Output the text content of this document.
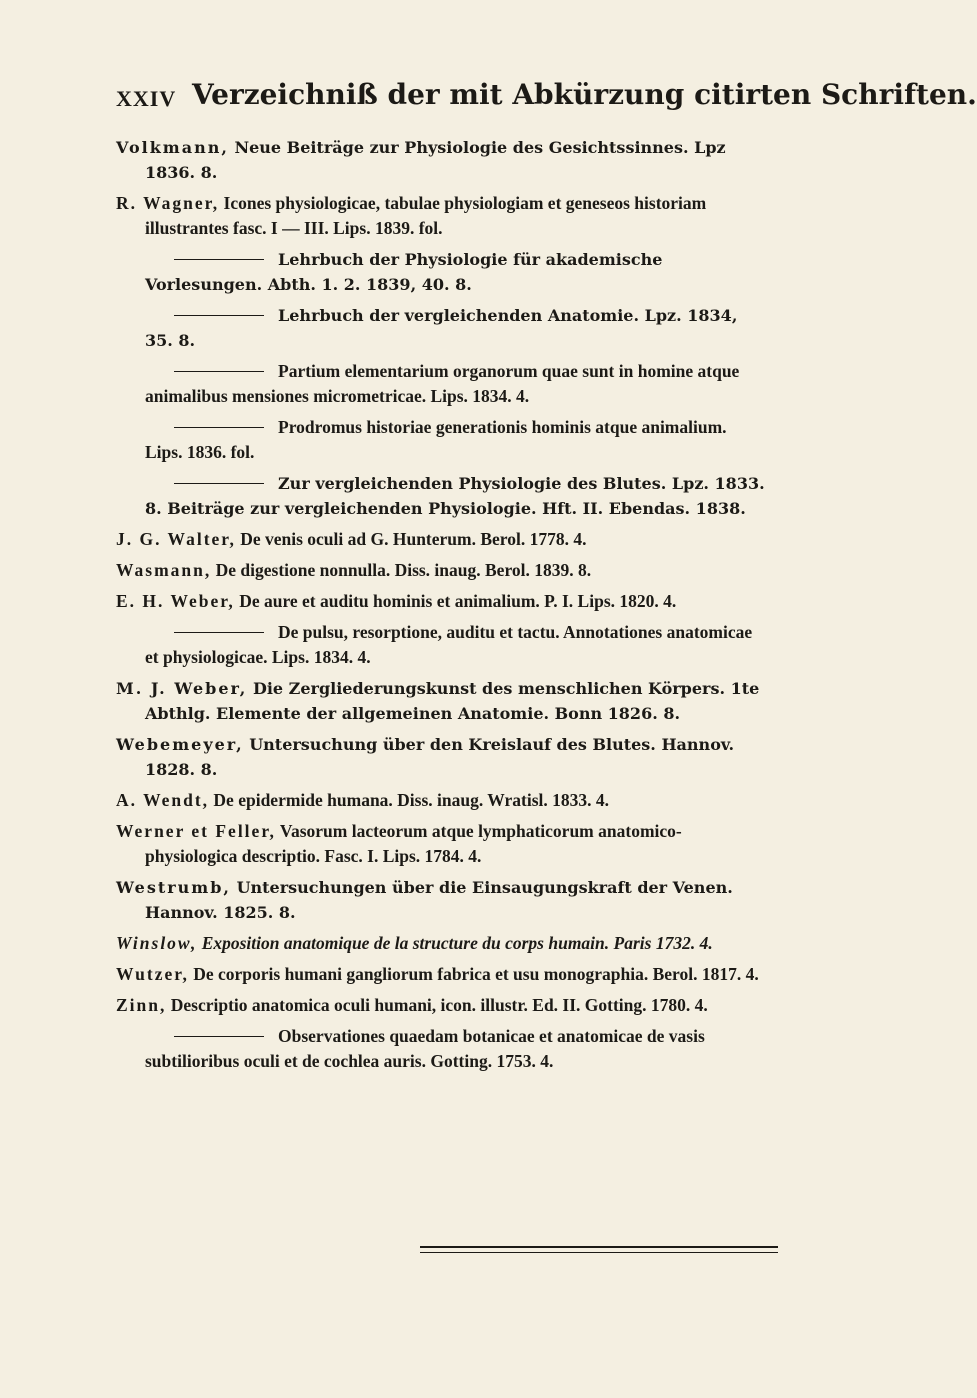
XXIV Verzeichniß der mit Abkürzung citirten Schriften.
Volkmann, Neue Beiträge zur Physiologie des Gesichtssinnes. Lpz 1836. 8.
R. Wagner, Icones physiologicae, tabulae physiologiam et geneseos historiam illustrantes fasc. I — III. Lips. 1839. fol.
Lehrbuch der Physiologie für akademische Vorlesungen. Abth. 1. 2. 1839, 40. 8.
Lehrbuch der vergleichenden Anatomie. Lpz. 1834, 35. 8.
Partium elementarium organorum quae sunt in homine atque animalibus mensiones micrometricae. Lips. 1834. 4.
Prodromus historiae generationis hominis atque animalium. Lips. 1836. fol.
Zur vergleichenden Physiologie des Blutes. Lpz. 1833. 8. Beiträge zur vergleichenden Physiologie. Hft. II. Ebendas. 1838.
J. G. Walter, De venis oculi ad G. Hunterum. Berol. 1778. 4.
Wasmann, De digestione nonnulla. Diss. inaug. Berol. 1839. 8.
E. H. Weber, De aure et auditu hominis et animalium. P. I. Lips. 1820. 4.
De pulsu, resorptione, auditu et tactu. Annotationes anatomicae et physiologicae. Lips. 1834. 4.
M. J. Weber, Die Zergliederungskunst des menschlichen Körpers. 1te Abthlg. Elemente der allgemeinen Anatomie. Bonn 1826. 8.
Webemeyer, Untersuchung über den Kreislauf des Blutes. Hannov. 1828. 8.
A. Wendt, De epidermide humana. Diss. inaug. Wratisl. 1833. 4.
Werner et Feller, Vasorum lacteorum atque lymphaticorum anatomico-physiologica descriptio. Fasc. I. Lips. 1784. 4.
Westrumb, Untersuchungen über die Einsaugungskraft der Venen. Hannov. 1825. 8.
Winslow, Exposition anatomique de la structure du corps humain. Paris 1732. 4.
Wutzer, De corporis humani gangliorum fabrica et usu monographia. Berol. 1817. 4.
Zinn, Descriptio anatomica oculi humani, icon. illustr. Ed. II. Gotting. 1780. 4.
Observationes quaedam botanicae et anatomicae de vasis subtilioribus oculi et de cochlea auris. Gotting. 1753. 4.
